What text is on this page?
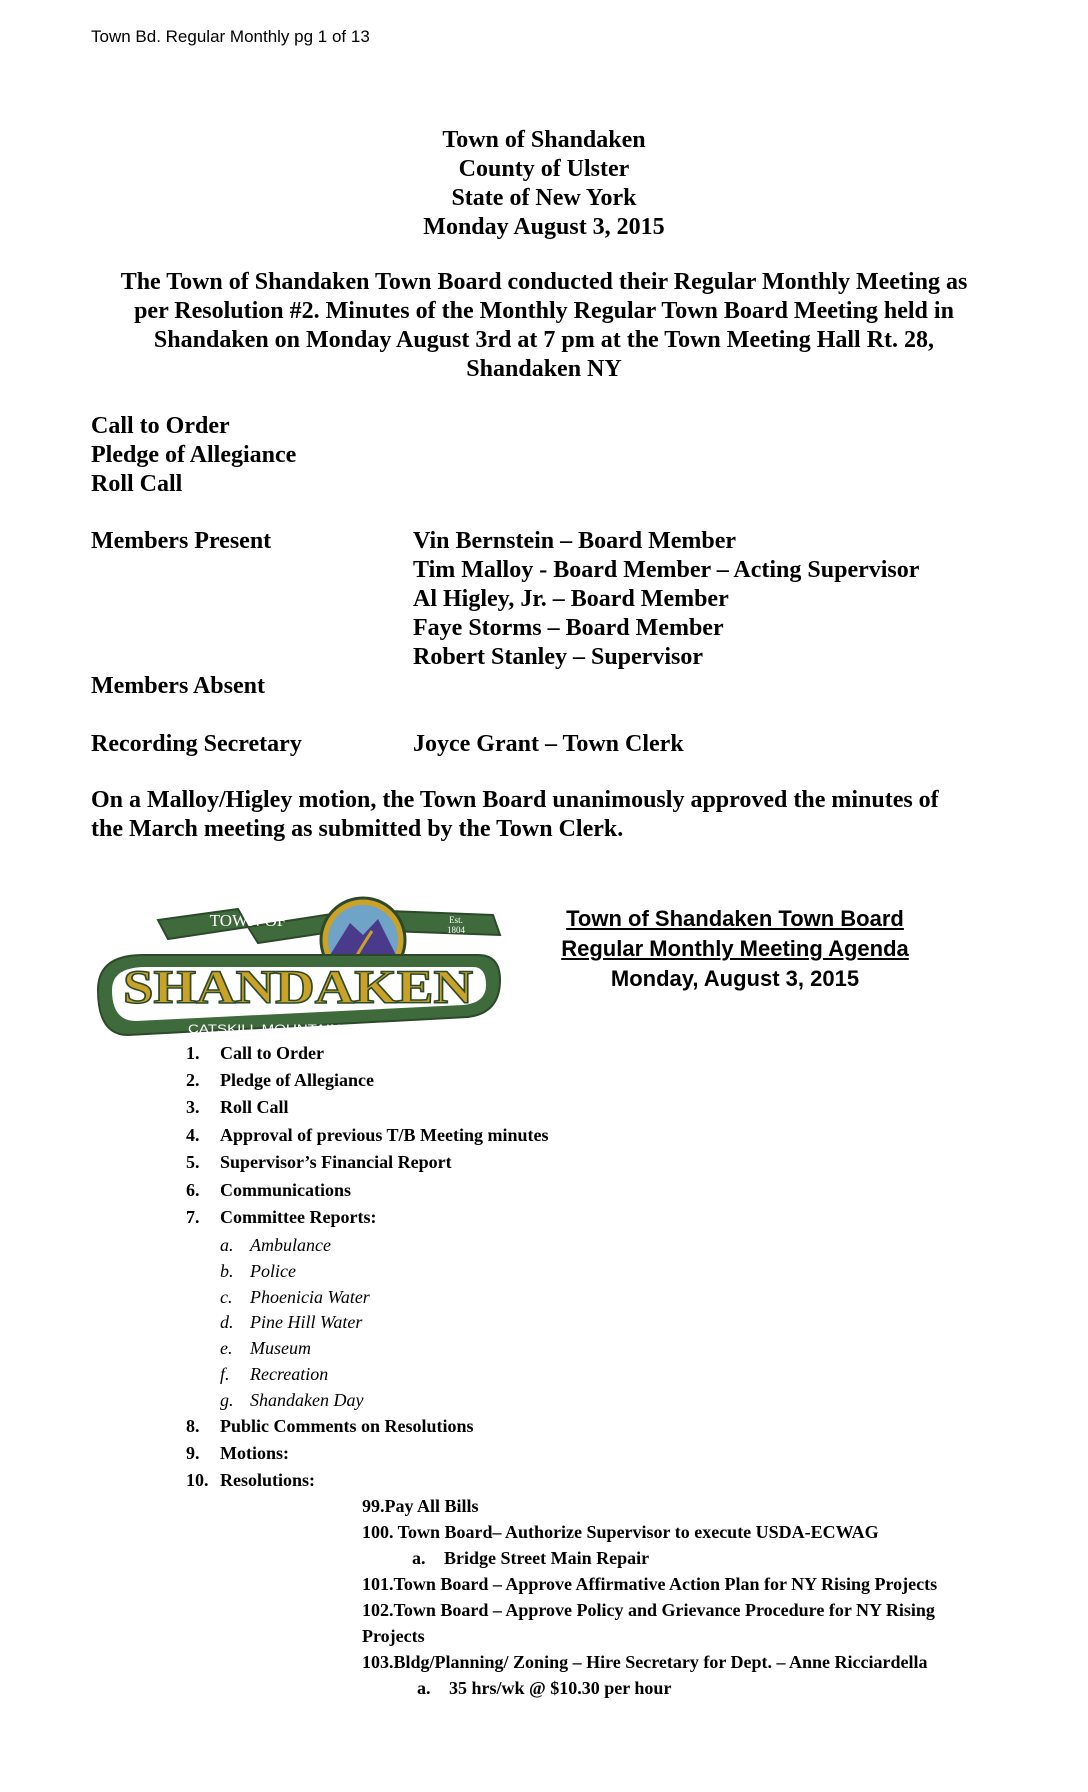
Town Bd. Regular Monthly pg 1 of 13
Town of Shandaken
County of Ulster
State of New York
Monday August 3, 2015
The Town of Shandaken Town Board conducted their Regular Monthly Meeting as
per Resolution #2. Minutes of the Monthly Regular Town Board Meeting held in
Shandaken on Monday August 3rd at 7 pm at the Town Meeting Hall Rt. 28,
Shandaken NY
Call to Order
Pledge of Allegiance
Roll Call
Members Present	Vin Bernstein – Board Member
Tim Malloy - Board Member – Acting Supervisor
Al Higley, Jr. – Board Member
Faye Storms – Board Member
Robert Stanley – Supervisor
Members Absent
Recording Secretary	Joyce Grant – Town Clerk
On a Malloy/Higley motion, the Town Board unanimously approved the minutes of
the March meeting as submitted by the Town Clerk.
TOWN OF	Est.
1804
SHANDAKEN
CATSKILL MOUNTAINS•NEW YORK
Town of Shandaken Town Board
Regular Monthly Meeting Agenda
Monday, August 3, 2015
1. Call to Order
2. Pledge of Allegiance
3. Roll Call
4. Approval of previous T/B Meeting minutes
5. Supervisor’s Financial Report
6. Communications
7. Committee Reports:
a. Ambulance
b. Police
c. Phoenicia Water
d. Pine Hill Water
e. Museum
f. Recreation
g. Shandaken Day
8. Public Comments on Resolutions
9. Motions:
10. Resolutions:
99.Pay All Bills
100. Town Board– Authorize Supervisor to execute USDA-ECWAG
a. Bridge Street Main Repair
101.Town Board – Approve Affirmative Action Plan for NY Rising Projects
102.Town Board – Approve Policy and Grievance Procedure for NY Rising
Projects
103.Bldg/Planning/ Zoning – Hire Secretary for Dept. – Anne Ricciardella
a. 35 hrs/wk @ $10.30 per hour
